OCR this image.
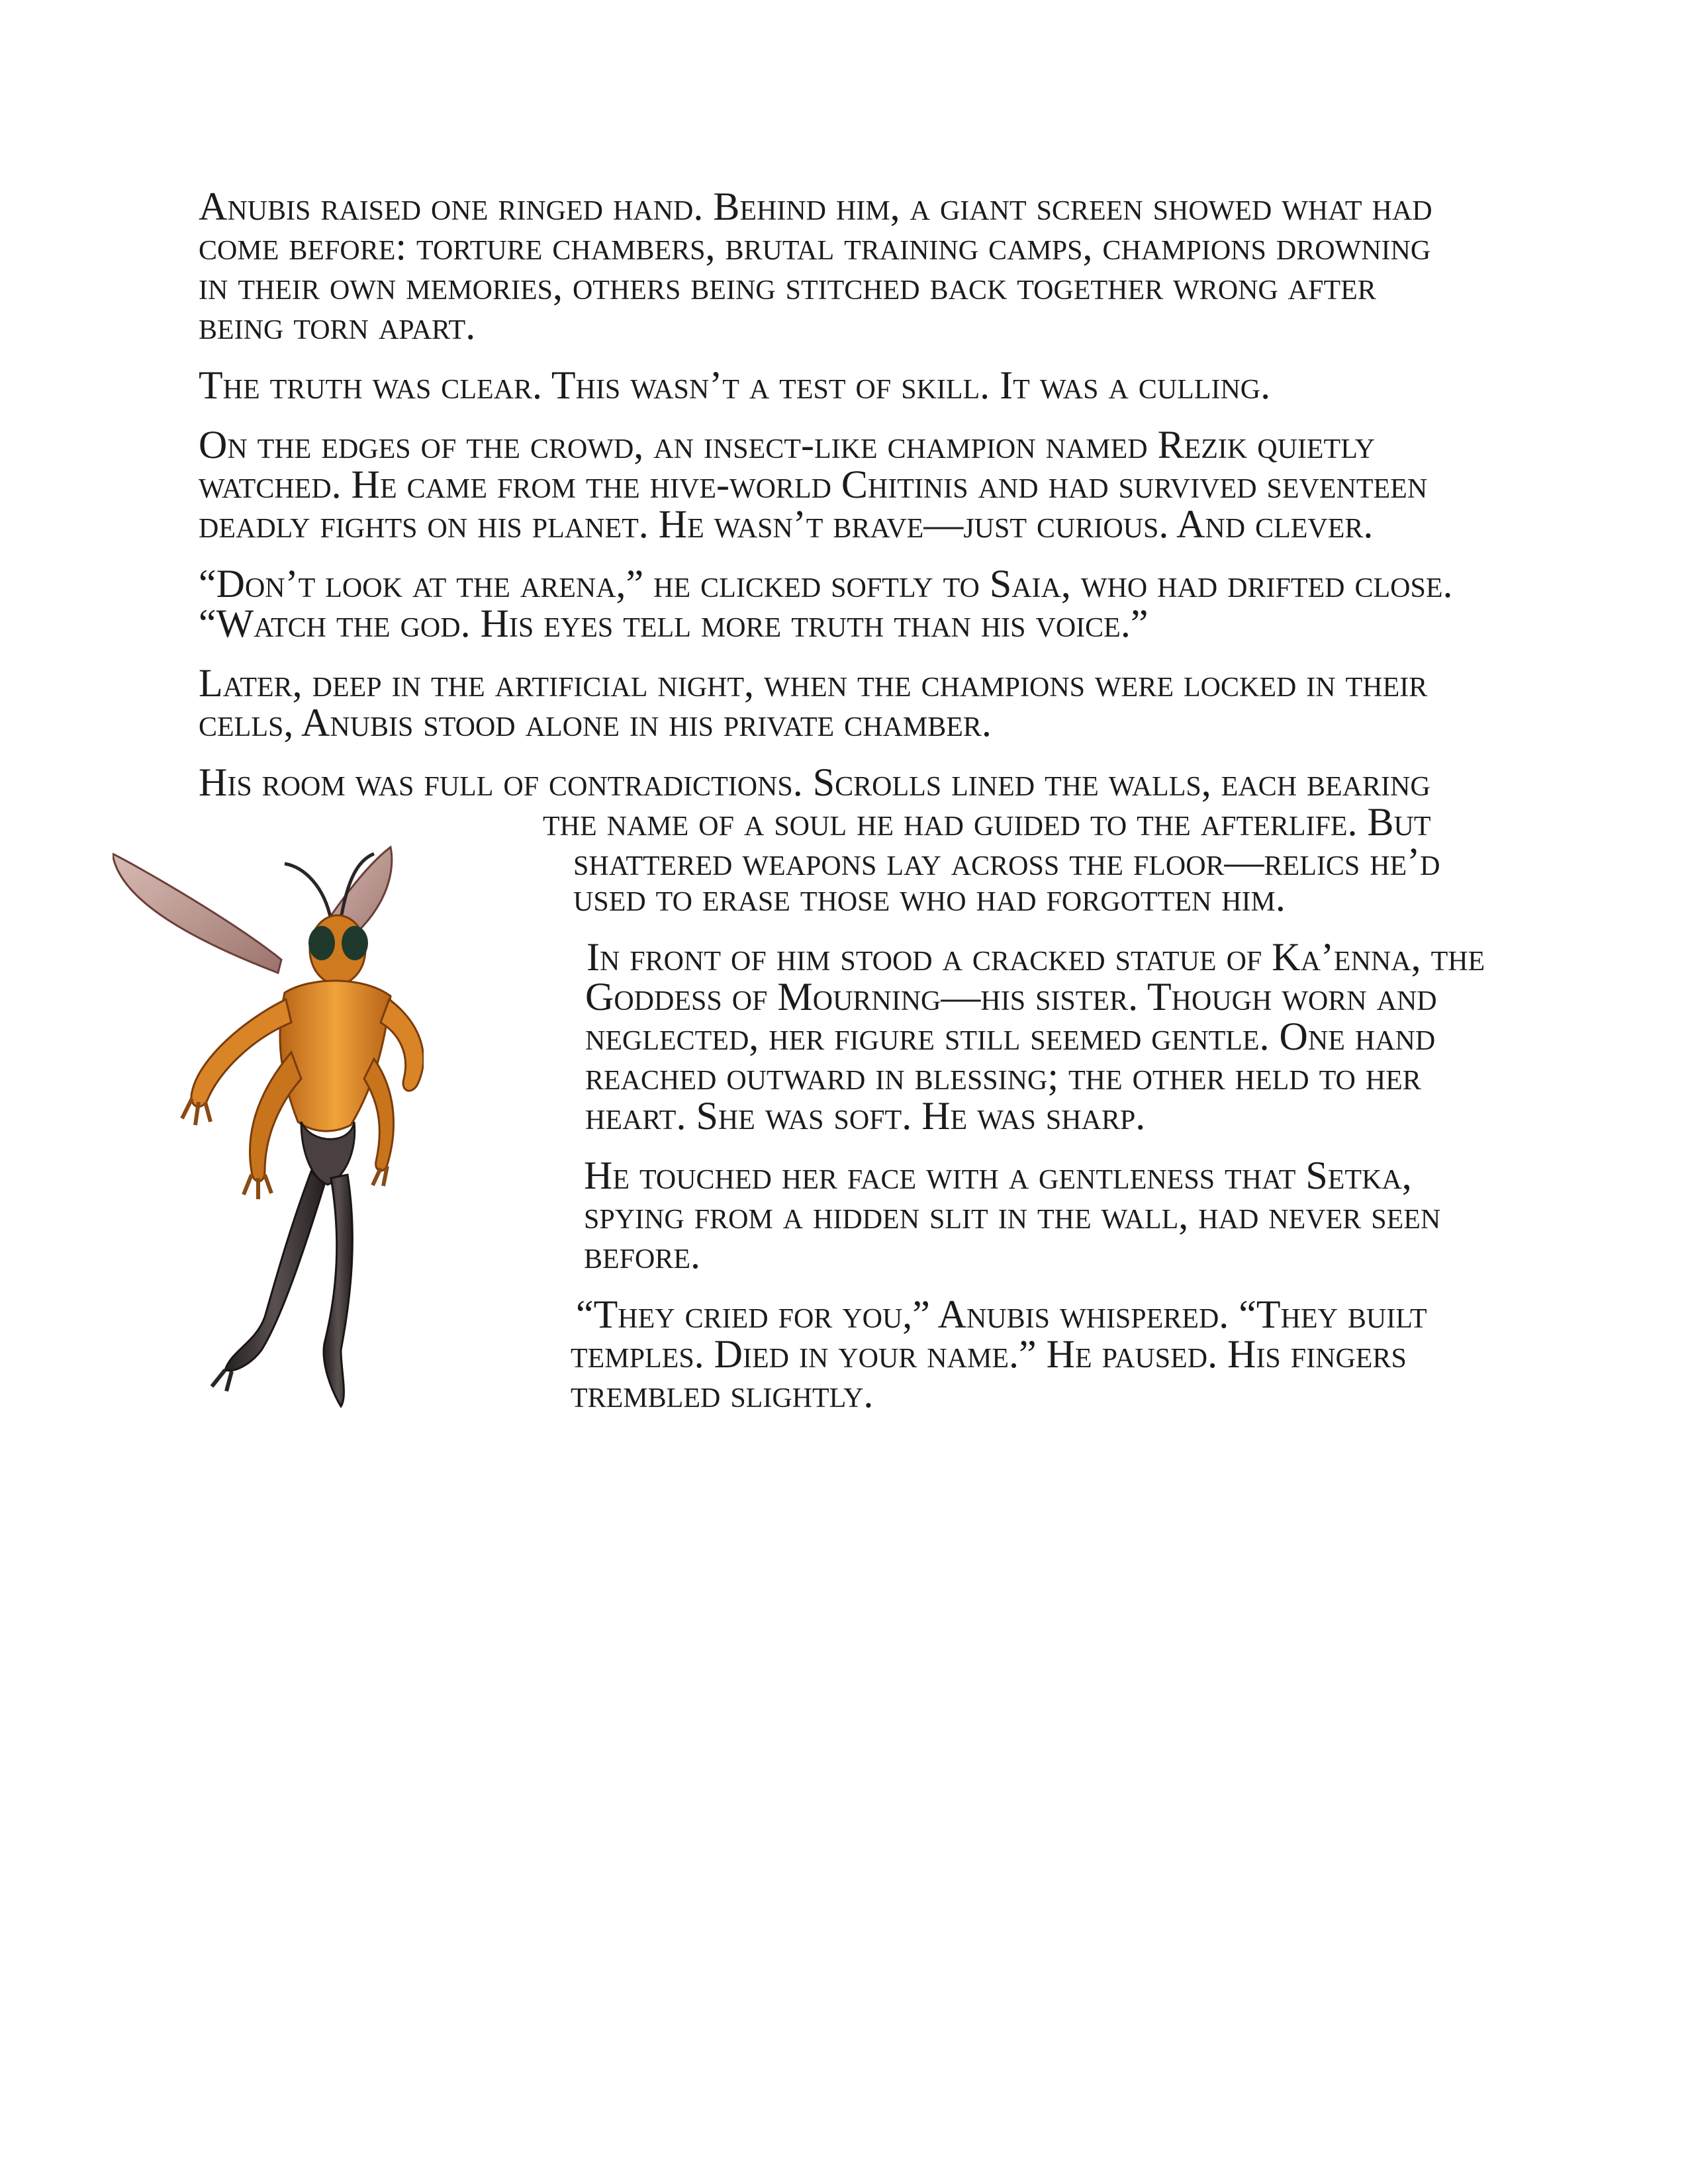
Anubis raised one ringed hand. Behind him, a giant screen showed what had

come before: torture chambers, brutal training camps, champions drowning

in their own memories, others being stitched back together wrong after

being torn apart.

The truth was clear. This wasn’t a test of skill. It was a culling.

On the edges of the crowd, an insect-like champion named Rezik quietly

watched. He came from the hive-world Chitinis and had survived seventeen

deadly fights on his planet. He wasn’t brave—just curious. And clever.

“Don’t look at the arena,” he clicked softly to Saia, who had drifted close.

“Watch the god. His eyes tell more truth than his voice.”

Later, deep in the artificial night, when the champions were locked in their

cells, Anubis stood alone in his private chamber.

His room was full of contradictions. Scrolls lined the walls, each bearing

the name of a soul he had guided to the afterlife. But

shattered weapons lay across the floor—relics he’d

used to erase those who had forgotten him.

In front of him stood a cracked statue of Ka’enna, the

Goddess of Mourning—his sister. Though worn and

neglected, her figure still seemed gentle. One hand

reached outward in blessing; the other held to her

heart. She was soft. He was sharp.

He touched her face with a gentleness that Setka,

spying from a hidden slit in the wall, had never seen

before.

“They cried for you,” Anubis whispered. “They built

temples. Died in your name.” He paused. His fingers

trembled slightly.
